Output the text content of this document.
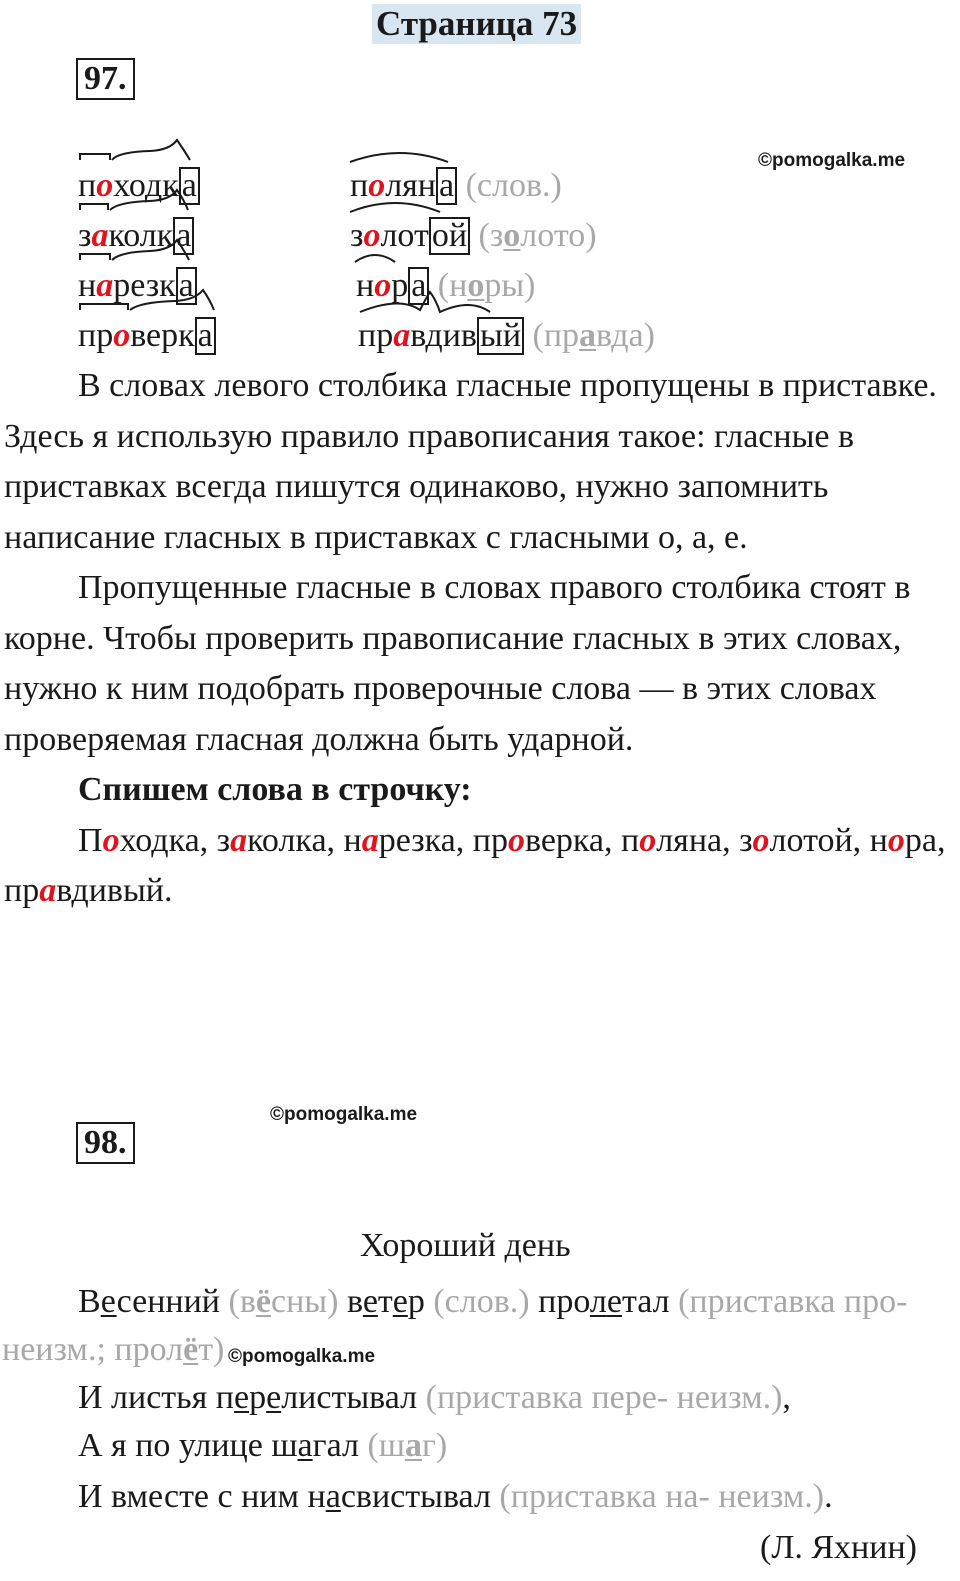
Страница 73
97.
©pomogalka.me
походка
заколка
нарезка
проверка
поляна (слов.)
золотой (золото)
нора (норы)
правдивый (правда)

В словах левого столбика гласные пропущены в приставке. Здесь я использую правило правописания такое: гласные в приставках всегда пишутся одинаково, нужно запомнить написание гласных в приставках с гласными о, а, е.

Пропущенные гласные в словах правого столбика стоят в корне. Чтобы проверить правописание гласных в этих словах, нужно к ним подобрать проверочные слова — в этих словах проверяемая гласная должна быть ударной.

Спишем слова в строчку:

Походка, заколка, нарезка, проверка, поляна, золотой, нора, правдивый.

98.
©pomogalka.me
Хороший день
Весенний (вёсны) ветер (слов.) пролетал (приставка про-
неизм.; пролёт) ©pomogalka.me
И листья перелистывал (приставка пере- неизм.),
А я по улице шагал (шаг)
И вместе с ним насвистывал (приставка на- неизм.).
(Л. Яхнин)
